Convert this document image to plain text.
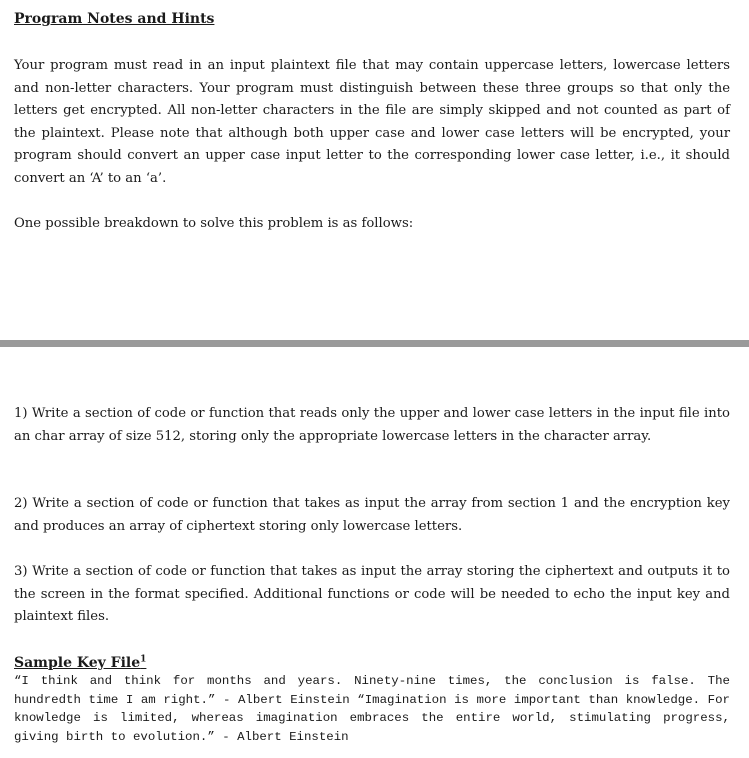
Program Notes and Hints

Your program must read in an input plaintext file that may contain uppercase letters, lowercase letters and non-letter characters. Your program must distinguish between these three groups so that only the letters get encrypted. All non-letter characters in the file are simply skipped and not counted as part of the plaintext. Please note that although both upper case and lower case letters will be encrypted, your program should convert an upper case input letter to the corresponding lower case letter, i.e., it should convert an ‘A’ to an ‘a’.

One possible breakdown to solve this problem is as follows:

1) Write a section of code or function that reads only the upper and lower case letters in the input file into an char array of size 512, storing only the appropriate lowercase letters in the character array.

2) Write a section of code or function that takes as input the array from section 1 and the encryption key and produces an array of ciphertext storing only lowercase letters.

3) Write a section of code or function that takes as input the array storing the ciphertext and outputs it to the screen in the format specified. Additional functions or code will be needed to echo the input key and plaintext files.

Sample Key File$^1$

“I think and think for months and years. Ninety-nine times, the conclusion is false. The hundredth time I am right.” - Albert Einstein “Imagination is more important than knowledge. For knowledge is limited, whereas imagination embraces the entire world, stimulating progress, giving birth to evolution.” - Albert Einstein
